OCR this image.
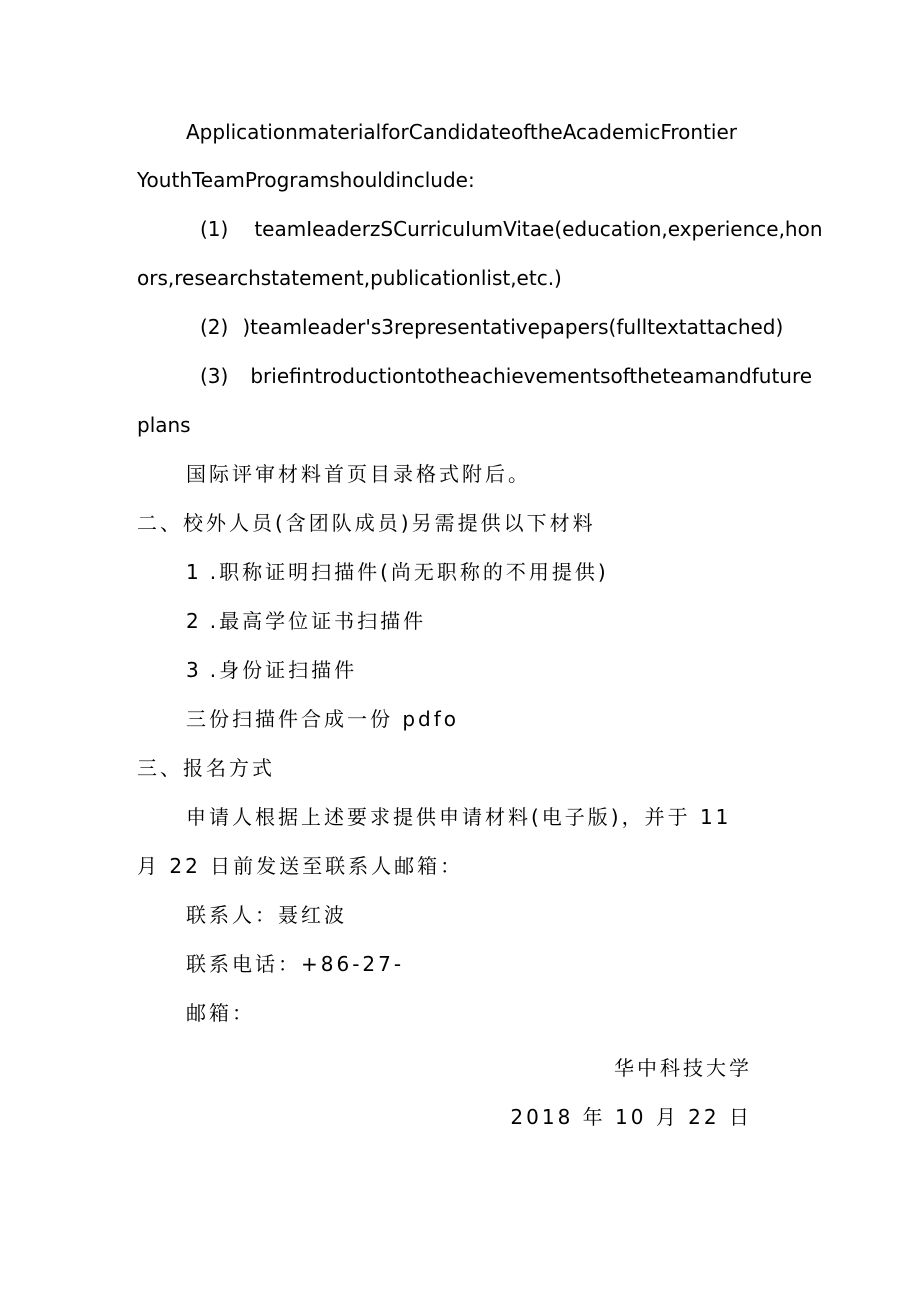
ApplicationmaterialforCandidateoftheAcademicFrontier
YouthTeamProgramshouldinclude:
(1) teamIeaderzSCurricuIumVitae(education,experience,hon
ors,researchstatement,publicationlist,etc.)
(2) )teamleader's3representativepapers(fulltextattached)
(3) briefintroductiontotheachievementsoftheteamandfuture
plans
国际评审材料首页目录格式附后。
二、校外人员(含团队成员)另需提供以下材料
1 .职称证明扫描件(尚无职称的不用提供)
2 .最高学位证书扫描件
3 .身份证扫描件
三份扫描件合成一份 pdfo
三、报名方式
申请人根据上述要求提供申请材料(电子版)，并于 11
月 22 日前发送至联系人邮箱：
联系人：聂红波
联系电话：+86-27-
邮箱：
华中科技大学
2018 年 10 月 22 日
